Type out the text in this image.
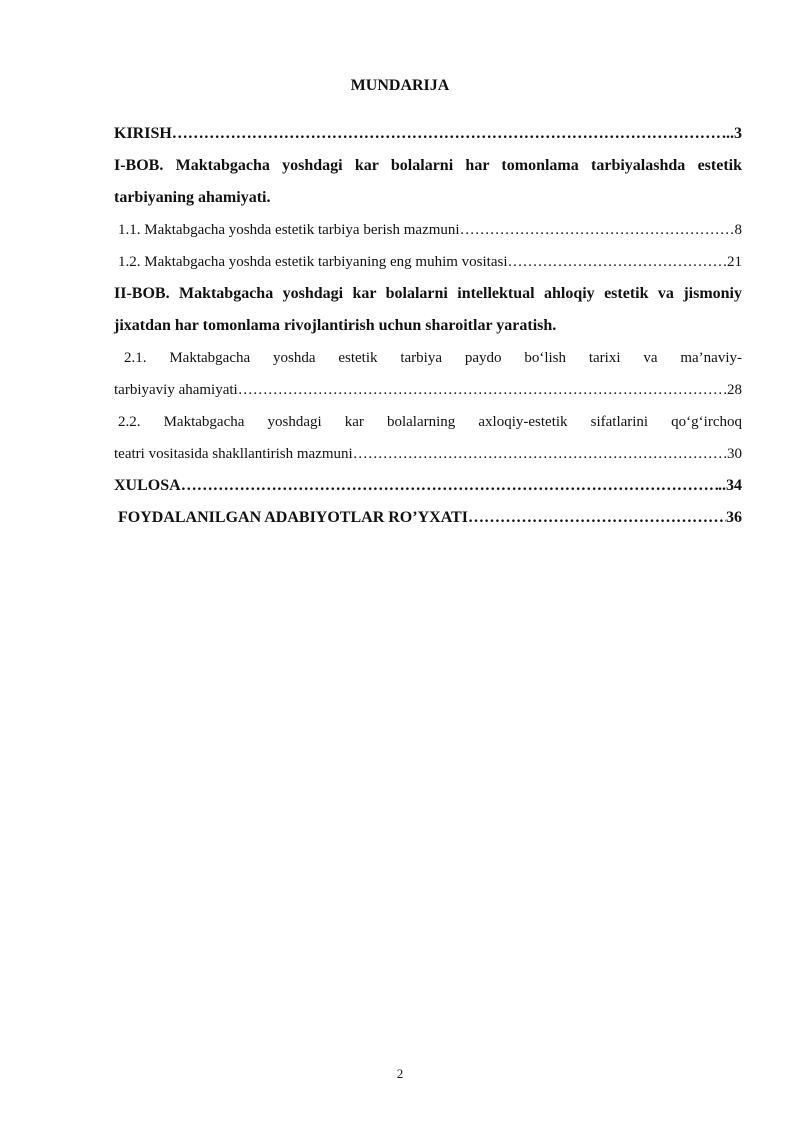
MUNDARIJA
KIRISH ……………………………………………………………………………………………………………………………………………………………	...3
I-BOB. Maktabgacha yoshdagi kar bolalarni har tomonlama tarbiyalashda estetik tarbiyaning ahamiyati.
1.1. Maktabgacha yoshda estetik tarbiya berish mazmuni ……………………………………………………………………………………………………………………………………………………………	8
1.2. Maktabgacha yoshda estetik tarbiyaning eng muhim vositasi ……………………………………………………………………………………………………………………………………………………………	21
II-BOB. Maktabgacha yoshdagi kar bolalarni intellektual ahloqiy estetik va jismoniy jixatdan har tomonlama rivojlantirish uchun sharoitlar yaratish.
2.1. Maktabgacha yoshda estetik tarbiya paydo bo‘lish tarixi va ma’naviy-
tarbiyaviy ahamiyati ……………………………………………………………………………………………………………………………………………………………	28
2.2. Maktabgacha yoshdagi kar bolalarning axloqiy-estetik sifatlarini qo‘g‘irchoq
teatri vositasida shakllantirish mazmuni ……………………………………………………………………………………………………………………………………………………………	30
XULOSA ……………………………………………………………………………………………………………………………………………………………	..34
FOYDALANILGAN ADABIYOTLAR RO’YXATI ……………………………………………………………………………………………………………………………………………………………	36
2
